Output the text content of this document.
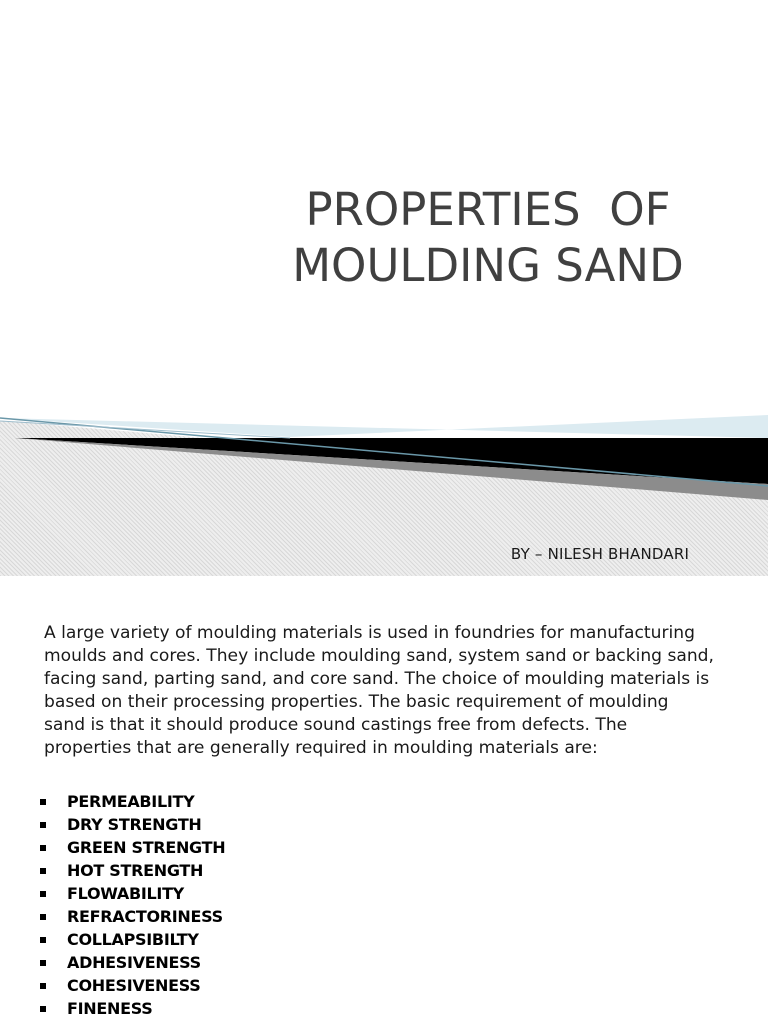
PROPERTIES  OF
MOULDING SAND
BY – NILESH BHANDARI

A large variety of moulding materials is used in foundries for manufacturing moulds and cores. They include moulding sand, system sand or backing sand, facing sand, parting sand, and core sand. The choice of moulding materials is based on their processing properties. The basic requirement of moulding sand is that it should produce sound castings free from defects. The properties that are generally required in moulding materials are:

PERMEABILITY
DRY STRENGTH
GREEN STRENGTH
HOT STRENGTH
FLOWABILITY
REFRACTORINESS
COLLAPSIBILTY
ADHESIVENESS
COHESIVENESS
FINENESS
